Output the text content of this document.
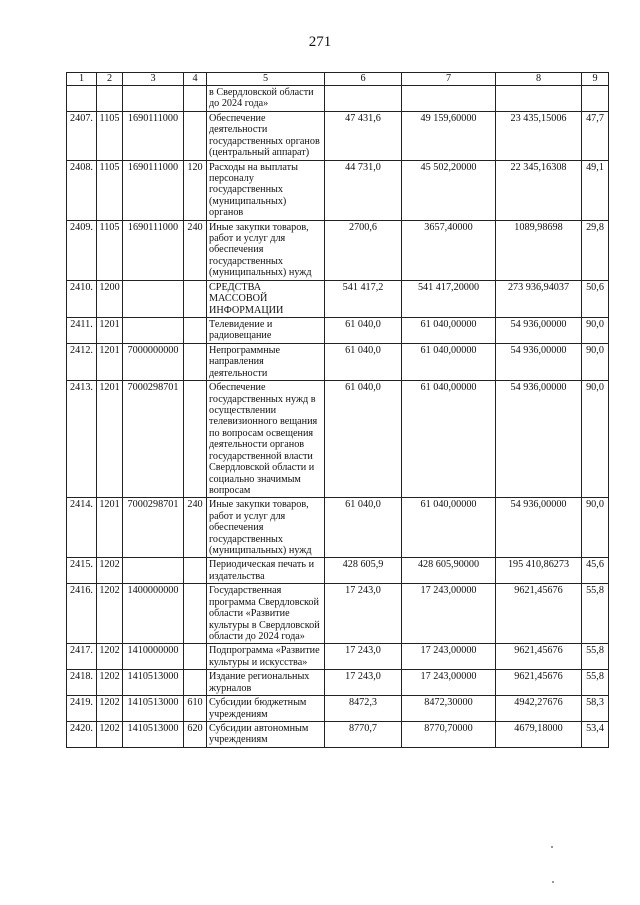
271
1	2	3	4	5	6	7	8	9
				в Свердловской области до 2024 года»				
2407.	1105	1690111000		Обеспечение деятельности государственных органов (центральный аппарат)	47 431,6	49 159,60000	23 435,15006	47,7
2408.	1105	1690111000	120	Расходы на выплаты персоналу государственных (муниципальных) органов	44 731,0	45 502,20000	22 345,16308	49,1
2409.	1105	1690111000	240	Иные закупки товаров, работ и услуг для обеспечения государственных (муниципальных) нужд	2700,6	3657,40000	1089,98698	29,8
2410.	1200			СРЕДСТВА МАССОВОЙ ИНФОРМАЦИИ	541 417,2	541 417,20000	273 936,94037	50,6
2411.	1201			Телевидение и радиовещание	61 040,0	61 040,00000	54 936,00000	90,0
2412.	1201	7000000000		Непрограммные направления деятельности	61 040,0	61 040,00000	54 936,00000	90,0
2413.	1201	7000298701		Обеспечение государственных нужд в осуществлении телевизионного вещания по вопросам освещения деятельности органов государственной власти Свердловской области и социально значимым вопросам	61 040,0	61 040,00000	54 936,00000	90,0
2414.	1201	7000298701	240	Иные закупки товаров, работ и услуг для обеспечения государственных (муниципальных) нужд	61 040,0	61 040,00000	54 936,00000	90,0
2415.	1202			Периодическая печать и издательства	428 605,9	428 605,90000	195 410,86273	45,6
2416.	1202	1400000000		Государственная программа Свердловской области «Развитие культуры в Свердловской области до 2024 года»	17 243,0	17 243,00000	9621,45676	55,8
2417.	1202	1410000000		Подпрограмма «Развитие культуры и искусства»	17 243,0	17 243,00000	9621,45676	55,8
2418.	1202	1410513000		Издание региональных журналов	17 243,0	17 243,00000	9621,45676	55,8
2419.	1202	1410513000	610	Субсидии бюджетным учреждениям	8472,3	8472,30000	4942,27676	58,3
2420.	1202	1410513000	620	Субсидии автономным учреждениям	8770,7	8770,70000	4679,18000	53,4
